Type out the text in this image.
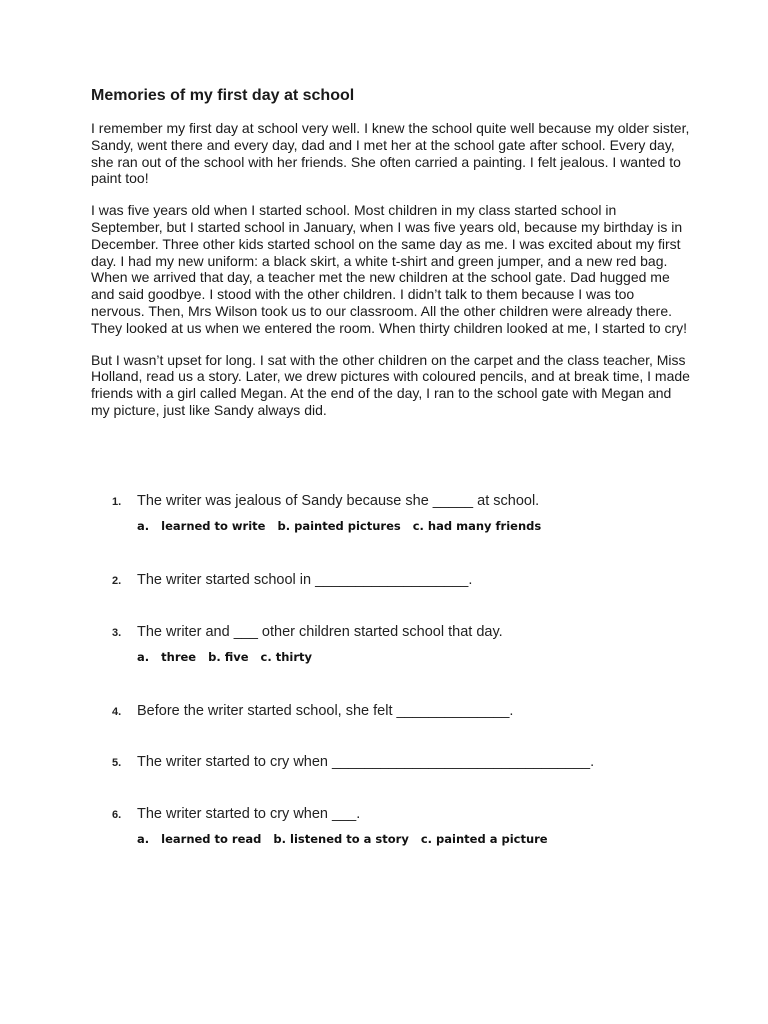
Memories of my first day at school

I remember my first day at school very well. I knew the school quite well because my older sister, Sandy, went there and every day, dad and I met her at the school gate after school. Every day, she ran out of the school with her friends. She often carried a painting. I felt jealous. I wanted to paint too!

I was five years old when I started school. Most children in my class started school in September, but I started school in January, when I was five years old, because my birthday is in December. Three other kids started school on the same day as me. I was excited about my first day. I had my new uniform: a black skirt, a white t-shirt and green jumper, and a new red bag. When we arrived that day, a teacher met the new children at the school gate. Dad hugged me and said goodbye. I stood with the other children. I didn’t talk to them because I was too nervous. Then, Mrs Wilson took us to our classroom. All the other children were already there. They looked at us when we entered the room. When thirty children looked at me, I started to cry!

But I wasn’t upset for long. I sat with the other children on the carpet and the class teacher, Miss Holland, read us a story. Later, we drew pictures with coloured pencils, and at break time, I made friends with a girl called Megan. At the end of the day, I ran to the school gate with Megan and my picture, just like Sandy always did.

1.	The writer was jealous of Sandy because she _____ at school.
a.   learned to write   b. painted pictures   c. had many friends
2.	The writer started school in ___________________.
3.	The writer and ___ other children started school that day.
a.   three   b. five   c. thirty
4.	Before the writer started school, she felt ______________.
5.	The writer started to cry when ________________________________.
6.	The writer started to cry when ___.
a.   learned to read   b. listened to a story   c. painted a picture
